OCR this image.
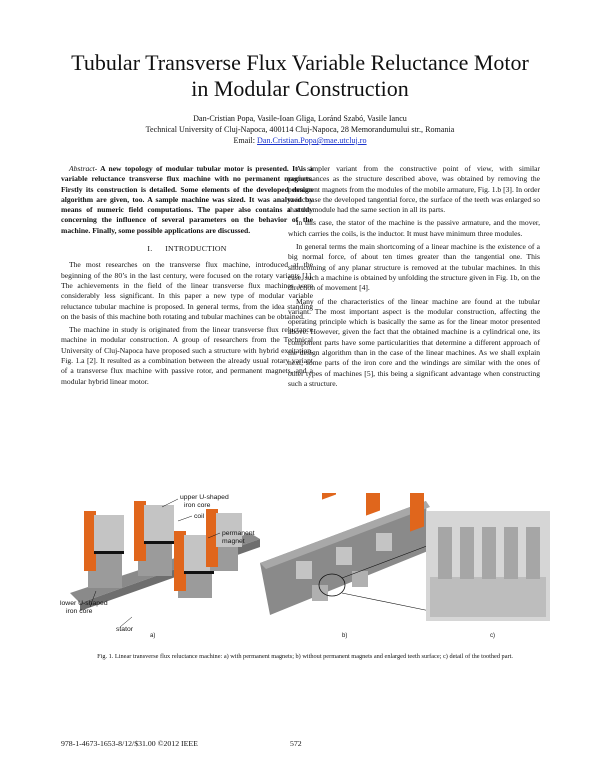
Tubular Transverse Flux Variable Reluctance Motor
in Modular Construction
Dan-Cristian Popa, Vasile-Ioan Gliga, Loránd Szabó, Vasile Iancu
Technical University of Cluj-Napoca, 400114 Cluj-Napoca, 28 Memorandumului str., Romania
Email: Dan.Cristian.Popa@mae.utcluj.ro

Abstract- A new topology of modular tubular motor is presented. It is a variable reluctance transverse flux machine with no permanent magnets. Firstly its construction is detailed. Some elements of the developed design algorithm are given, too. A sample machine was sized. It was analyzed by means of numeric field computations. The paper also contains a study concerning the influence of several parameters on the behavior of the machine. Finally, some possible applications are discussed.

I. INTRODUCTION

The most researches on the transverse flux machine, introduced at the beginning of the 80’s in the last century, were focused on the rotary variants [1]. The achievements in the field of the linear transverse flux machines were considerably less significant. In this paper a new type of modular variable reluctance tubular machine is proposed. In general terms, from the idea standing on the basis of this machine both rotating and tubular machines can be obtained.

The machine in study is originated from the linear transverse flux reluctance machine in modular construction. A group of researchers from the Technical University of Cluj-Napoca have proposed such a structure with hybrid excitation, Fig. 1.a [2]. It resulted as a combination between the already usual rotary variant of a transverse flux machine with passive rotor, and permanent magnets, and a modular hybrid linear motor.

A simpler variant from the constructive point of view, with similar performances as the structure described above, was obtained by removing the permanent magnets from the modules of the mobile armature, Fig. 1.b [3]. In order to increase the developed tangential force, the surface of the teeth was enlarged so that the module had the same section in all its parts.

In this case, the stator of the machine is the passive armature, and the mover, which carries the coils, is the inductor. It must have minimum three modules.

In general terms the main shortcoming of a linear machine is the existence of a big normal force, of about ten times greater than the tangential one. This shortcoming of any planar structure is removed at the tubular machines. In this case, such a machine is obtained by unfolding the structure given in Fig. 1b, on the direction of movement [4].

Many of the characteristics of the linear machine are found at the tubular variant. The most important aspect is the modular construction, affecting the operating principle which is basically the same as for the linear motor presented above. However, given the fact that the obtained machine is a cylindrical one, its component parts have some particularities that determine a different approach of the design algorithm than in the case of the linear machines. As we shall explain next, some parts of the iron core and the windings are similar with the ones of other types of machines [5], this being a significant advantage when constructing such a structure.

upper U-shaped
iron core
coil
permanent
magnet
lower U-shaped
iron core
stator
a)	b)	c)
Fig. 1. Linear transverse flux reluctance machine: a) with permanent magnets; b) without permanent magnets and enlarged teeth surface; c) detail of the toothed part.
978-1-4673-1653-8/12/$31.00 ©2012 IEEE	572
